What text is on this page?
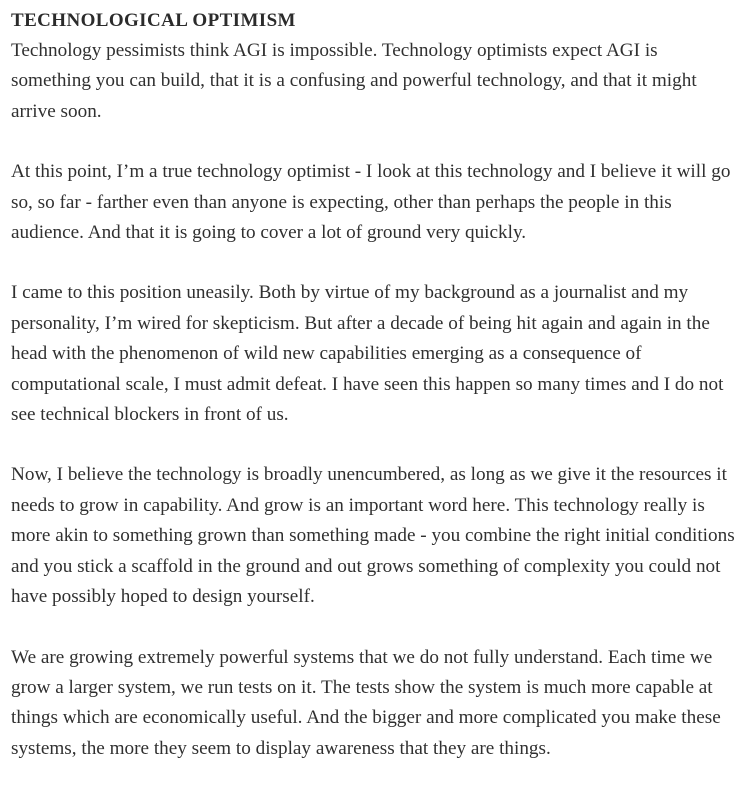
TECHNOLOGICAL OPTIMISM

Technology pessimists think AGI is impossible. Technology optimists expect AGI is something you can build, that it is a confusing and powerful technology, and that it might arrive soon.

At this point, I’m a true technology optimist - I look at this technology and I believe it will go so, so far - farther even than anyone is expecting, other than perhaps the people in this audience. And that it is going to cover a lot of ground very quickly.

I came to this position uneasily. Both by virtue of my background as a journalist and my personality, I’m wired for skepticism. But after a decade of being hit again and again in the head with the phenomenon of wild new capabilities emerging as a consequence of computational scale, I must admit defeat. I have seen this happen so many times and I do not see technical blockers in front of us.

Now, I believe the technology is broadly unencumbered, as long as we give it the resources it needs to grow in capability. And grow is an important word here. This technology really is more akin to something grown than something made - you combine the right initial conditions and you stick a scaffold in the ground and out grows something of complexity you could not have possibly hoped to design yourself.

We are growing extremely powerful systems that we do not fully understand. Each time we grow a larger system, we run tests on it. The tests show the system is much more capable at things which are economically useful. And the bigger and more complicated you make these systems, the more they seem to display awareness that they are things.
